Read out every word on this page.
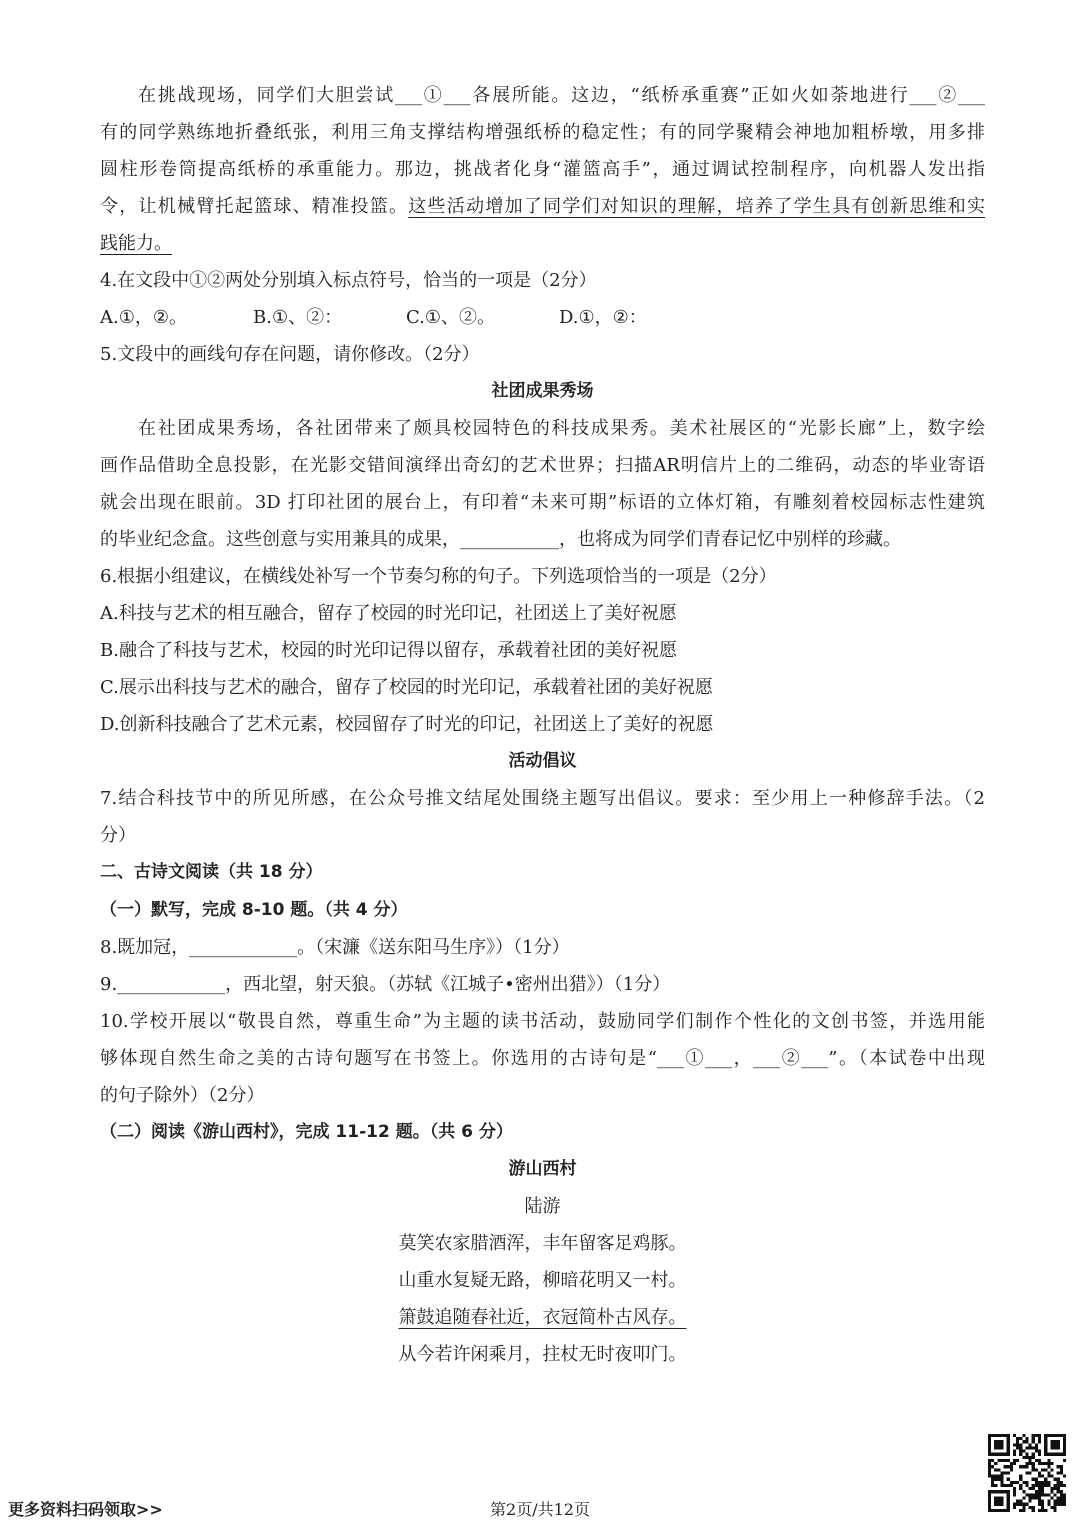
在挑战现场，同学们大胆尝试___①___各展所能。这边，“纸桥承重赛”正如火如荼地进行___②___
有的同学熟练地折叠纸张，利用三角支撑结构增强纸桥的稳定性；有的同学聚精会神地加粗桥墩，用多排
圆柱形卷筒提高纸桥的承重能力。那边，挑战者化身“灌篮高手”，通过调试控制程序，向机器人发出指
令，让机械臂托起篮球、精准投篮。这些活动增加了同学们对知识的理解，培养了学生具有创新思维和实
践能力。
4.在文段中①②两处分别填入标点符号，恰当的一项是（2分）
A.①，②。	B.①、②：	C.①、②。	D.①，②：
5.文段中的画线句存在问题，请你修改。（2分）
社团成果秀场
在社团成果秀场，各社团带来了颇具校园特色的科技成果秀。美术社展区的“光影长廊”上，数字绘
画作品借助全息投影，在光影交错间演绎出奇幻的艺术世界；扫描AR明信片上的二维码，动态的毕业寄语
就会出现在眼前。3D 打印社团的展台上，有印着“未来可期”标语的立体灯箱，有雕刻着校园标志性建筑
的毕业纪念盒。这些创意与实用兼具的成果，___________，也将成为同学们青春记忆中别样的珍藏。
6.根据小组建议，在横线处补写一个节奏匀称的句子。下列选项恰当的一项是（2分）
A.科技与艺术的相互融合，留存了校园的时光印记，社团送上了美好祝愿
B.融合了科技与艺术，校园的时光印记得以留存，承载着社团的美好祝愿
C.展示出科技与艺术的融合，留存了校园的时光印记，承载着社团的美好祝愿
D.创新科技融合了艺术元素，校园留存了时光的印记，社团送上了美好的祝愿
活动倡议
7.结合科技节中的所见所感，在公众号推文结尾处围绕主题写出倡议。要求：至少用上一种修辞手法。（2
分）
二、古诗文阅读（共 18 分）
（一）默写，完成 8-10 题。（共 4 分）
8.既加冠，____________。（宋濂《送东阳马生序》）（1分）
9.____________，西北望，射天狼。（苏轼《江城子•密州出猎》）（1分）
10.学校开展以“敬畏自然，尊重生命”为主题的读书活动，鼓励同学们制作个性化的文创书签，并选用能
够体现自然生命之美的古诗句题写在书签上。你选用的古诗句是“___①___，___②___”。（本试卷中出现
的句子除外）（2分）
（二）阅读《游山西村》，完成 11-12 题。（共 6 分）
游山西村
陆游
莫笑农家腊酒浑，丰年留客足鸡豚。
山重水复疑无路，柳暗花明又一村。
箫鼓追随春社近，衣冠简朴古风存。
从今若许闲乘月，拄杖无时夜叩门。
更多资料扫码领取>>	第2页/共12页
